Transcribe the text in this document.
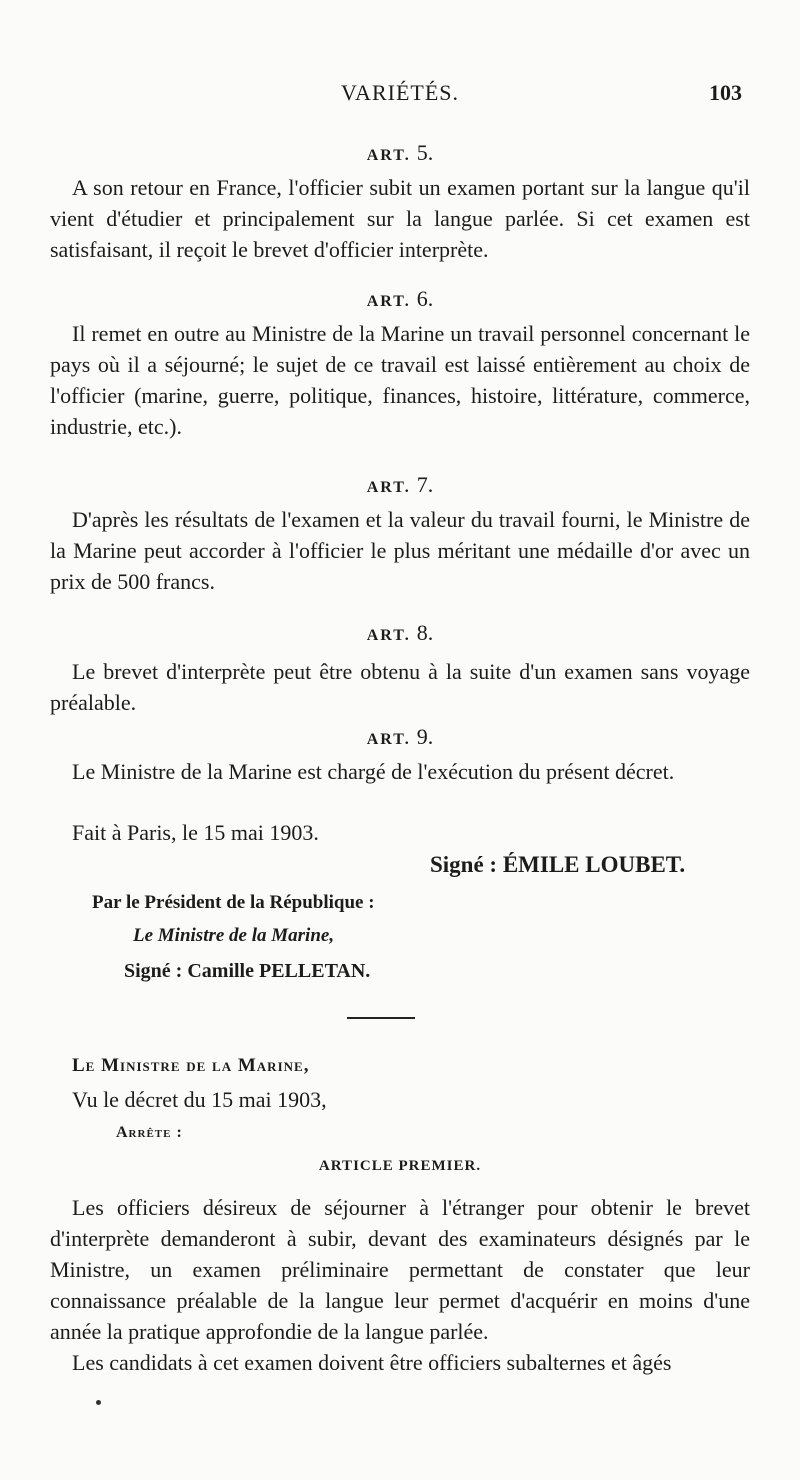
VARIÉTÉS.	103
ART. 5.

A son retour en France, l'officier subit un examen portant sur la langue qu'il vient d'étudier et principalement sur la langue parlée. Si cet examen est satisfaisant, il reçoit le brevet d'officier interprète.

ART. 6.

Il remet en outre au Ministre de la Marine un travail personnel concernant le pays où il a séjourné; le sujet de ce travail est laissé entièrement au choix de l'officier (marine, guerre, politique, finances, histoire, littérature, commerce, industrie, etc.).

ART. 7.

D'après les résultats de l'examen et la valeur du travail fourni, le Ministre de la Marine peut accorder à l'officier le plus méritant une médaille d'or avec un prix de 500 francs.

ART. 8.

Le brevet d'interprète peut être obtenu à la suite d'un examen sans voyage préalable.

ART. 9.

Le Ministre de la Marine est chargé de l'exécution du présent décret.

Fait à Paris, le 15 mai 1903.
Signé : ÉMILE LOUBET.
Par le Président de la République :
Le Ministre de la Marine,
Signé : Camille PELLETAN.
Le Ministre de la Marine,
Vu le décret du 15 mai 1903,
Arrête :
ARTICLE PREMIER.

Les officiers désireux de séjourner à l'étranger pour obtenir le brevet d'interprète demanderont à subir, devant des examinateurs désignés par le Ministre, un examen préliminaire permettant de constater que leur connaissance préalable de la langue leur permet d'acquérir en moins d'une année la pratique approfondie de la langue parlée.

Les candidats à cet examen doivent être officiers subalternes et âgés
